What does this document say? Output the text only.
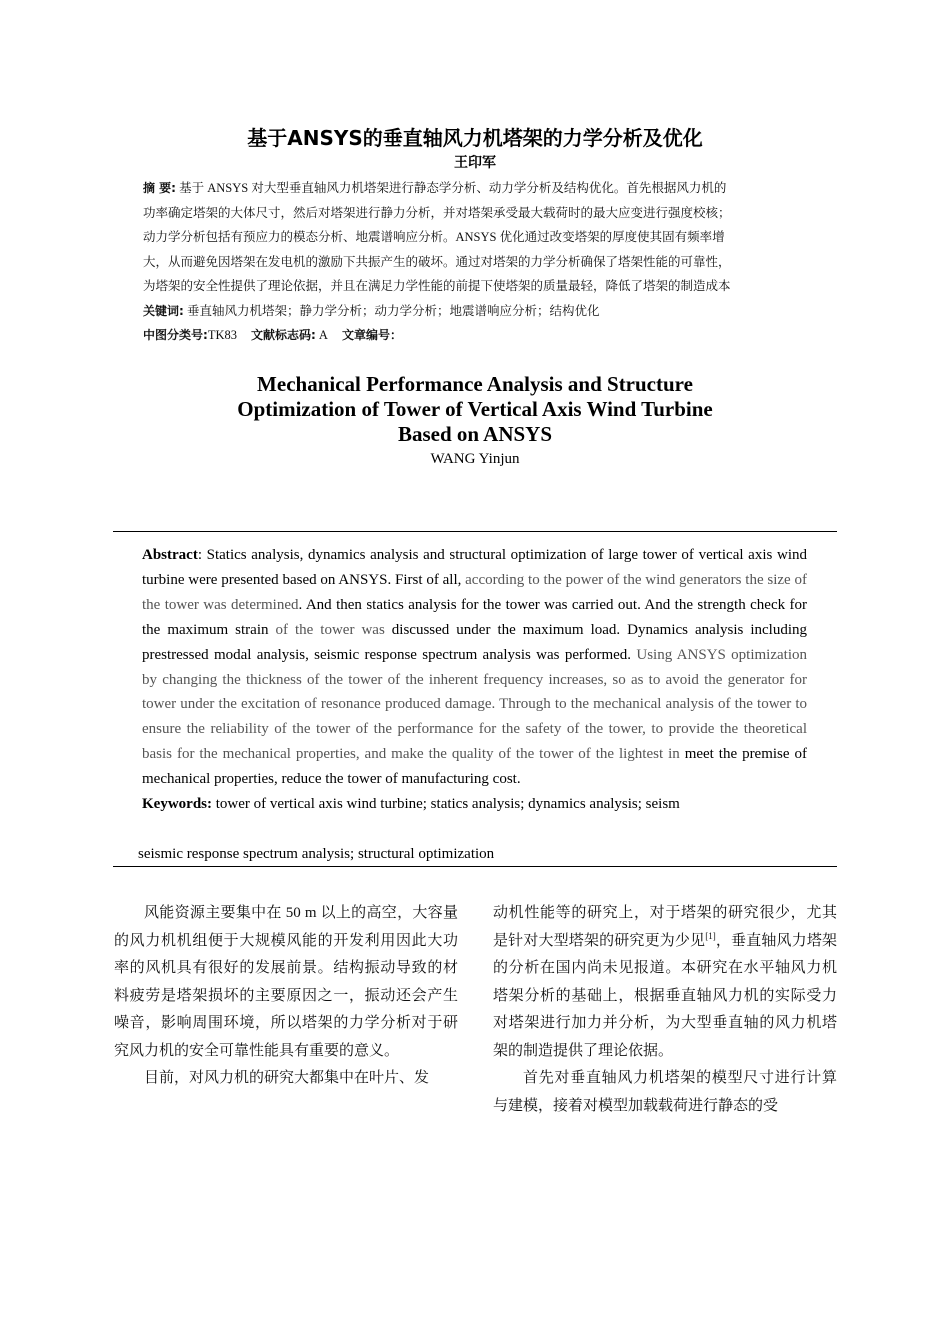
基于ANSYS的垂直轴风力机塔架的力学分析及优化
王印军

摘 要: 基于 ANSYS 对大型垂直轴风力机塔架进行静态学分析、动力学分析及结构优化。首先根据风力机的

功率确定塔架的大体尺寸，然后对塔架进行静力分析，并对塔架承受最大载荷时的最大应变进行强度校核；

动力学分析包括有预应力的模态分析、地震谱响应分析。ANSYS 优化通过改变塔架的厚度使其固有频率增

大，从而避免因塔架在发电机的激励下共振产生的破坏。通过对塔架的力学分析确保了塔架性能的可靠性，

为塔架的安全性提供了理论依据，并且在满足力学性能的前提下使塔架的质量最轻，降低了塔架的制造成本

关键词: 垂直轴风力机塔架；静力学分析；动力学分析；地震谱响应分析；结构优化

中图分类号:TK83 文献标志码: A 文章编号：

Mechanical Performance Analysis and Structure
Optimization of Tower of Vertical Axis Wind Turbine
Based on ANSYS
WANG Yinjun

Abstract: Statics analysis, dynamics analysis and structural optimization of large tower of vertical axis wind turbine were presented based on ANSYS. First of all, according to the power of the wind generators the size of the tower was determined. And then statics analysis for the tower was carried out. And the strength check for the maximum strain of the tower was discussed under the maximum load. Dynamics analysis including prestressed modal analysis, seismic response spectrum analysis was performed. Using ANSYS optimization by changing the thickness of the tower of the inherent frequency increases, so as to avoid the generator for tower under the excitation of resonance produced damage. Through to the mechanical analysis of the tower to ensure the reliability of the tower of the performance for the safety of the tower, to provide the theoretical basis for the mechanical properties, and make the quality of the tower of the lightest in meet the premise of mechanical properties, reduce the tower of manufacturing cost.

Keywords: tower of vertical axis wind turbine; statics analysis; dynamics analysis; seism

seismic response spectrum analysis; structural optimization

风能资源主要集中在 50 m 以上的高空，大容量的风力机机组便于大规模风能的开发利用因此大功率的风机具有很好的发展前景。结构振动导致的材料疲劳是塔架损坏的主要原因之一，振动还会产生噪音，影响周围环境，所以塔架的力学分析对于研究风力机的安全可靠性能具有重要的意义。

目前，对风力机的研究大都集中在叶片、发

动机性能等的研究上，对于塔架的研究很少，尤其是针对大型塔架的研究更为少见[1]，垂直轴风力塔架的分析在国内尚未见报道。本研究在水平轴风力机塔架分析的基础上，根据垂直轴风力机的实际受力对塔架进行加力并分析，为大型垂直轴的风力机塔架的制造提供了理论依据。

首先对垂直轴风力机塔架的模型尺寸进行计算与建模，接着对模型加载载荷进行静态的受
